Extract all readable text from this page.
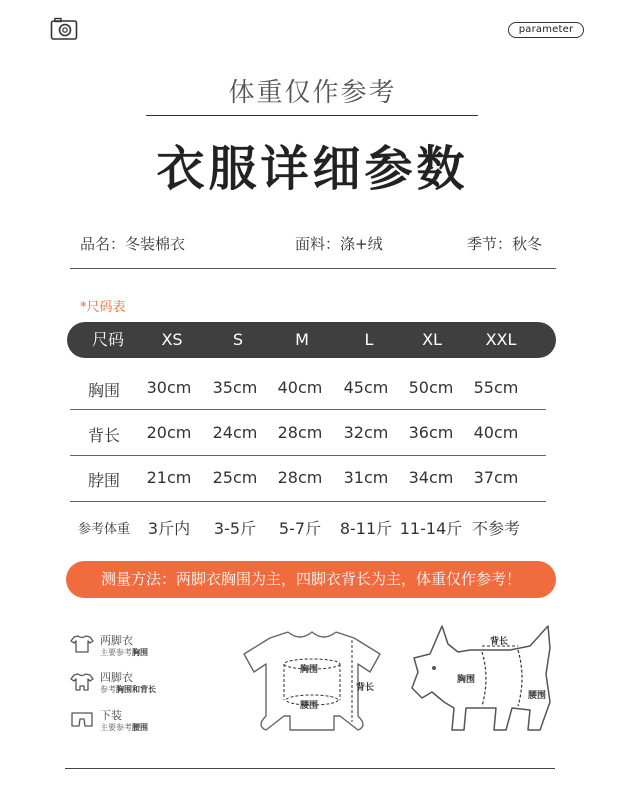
parameter
体重仅作参考
衣服详细参数
品名：冬装棉衣	面料：涤+绒	季节：秋冬
*尺码表
尺码 XS	S	M	L	XL	XXL
胸围 30cm 35cm 40cm 45cm 50cm 55cm
背长 20cm 24cm 28cm 32cm 36cm 40cm
脖围 21cm 25cm 28cm 31cm 34cm 37cm
参考体重 3斤内 3-5斤 5-7斤 8-11斤 11-14斤 不参考
测量方法：两脚衣胸围为主，四脚衣背长为主，体重仅作参考！
两脚衣
主要参考胸围
四脚衣
参考胸围和背长
下装
主要参考腰围
胸围
腰围
背长
背长
胸围
腰围
